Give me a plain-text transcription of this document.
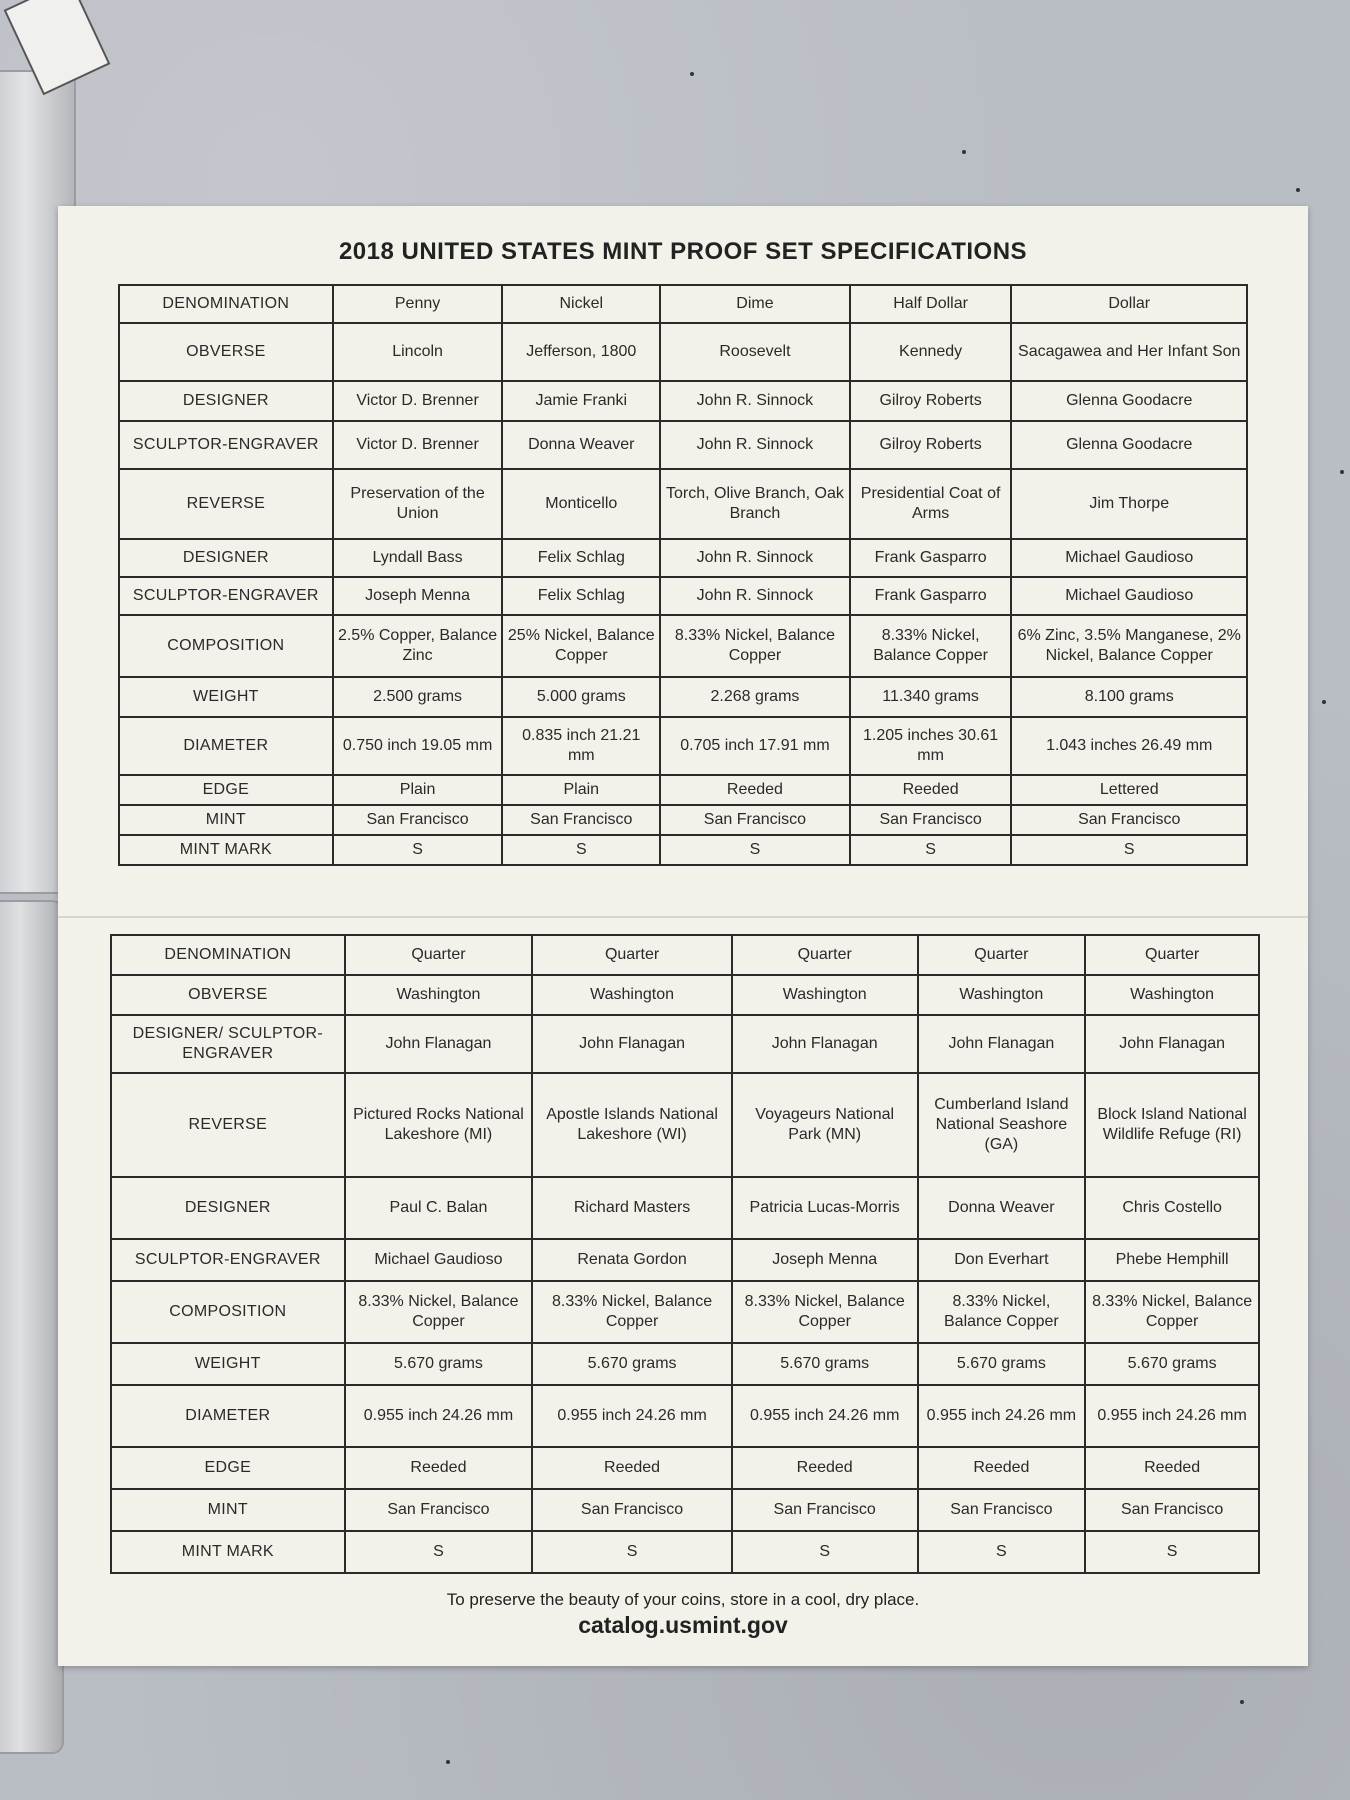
2018 UNITED STATES MINT PROOF SET SPECIFICATIONS
DENOMINATION	Penny	Nickel	Dime	Half Dollar	Dollar
OBVERSE	Lincoln	Jefferson, 1800	Roosevelt	Kennedy	Sacagawea and Her Infant Son
DESIGNER	Victor D. Brenner	Jamie Franki	John R. Sinnock	Gilroy Roberts	Glenna Goodacre
SCULPTOR-ENGRAVER	Victor D. Brenner	Donna Weaver	John R. Sinnock	Gilroy Roberts	Glenna Goodacre
REVERSE	Preservation of the Union	Monticello	Torch, Olive Branch, Oak Branch	Presidential Coat of Arms	Jim Thorpe
DESIGNER	Lyndall Bass	Felix Schlag	John R. Sinnock	Frank Gasparro	Michael Gaudioso
SCULPTOR-ENGRAVER	Joseph Menna	Felix Schlag	John R. Sinnock	Frank Gasparro	Michael Gaudioso
COMPOSITION	2.5% Copper, Balance Zinc	25% Nickel, Balance Copper	8.33% Nickel, Balance Copper	8.33% Nickel, Balance Copper	6% Zinc, 3.5% Manganese, 2% Nickel, Balance Copper
WEIGHT	2.500 grams	5.000 grams	2.268 grams	11.340 grams	8.100 grams
DIAMETER	0.750 inch 19.05 mm	0.835 inch 21.21 mm	0.705 inch 17.91 mm	1.205 inches 30.61 mm	1.043 inches 26.49 mm
EDGE	Plain	Plain	Reeded	Reeded	Lettered
MINT	San Francisco	San Francisco	San Francisco	San Francisco	San Francisco
MINT MARK	S	S	S	S	S
DENOMINATION	Quarter	Quarter	Quarter	Quarter	Quarter
OBVERSE	Washington	Washington	Washington	Washington	Washington
DESIGNER/ SCULPTOR-ENGRAVER	John Flanagan	John Flanagan	John Flanagan	John Flanagan	John Flanagan
REVERSE	Pictured Rocks National Lakeshore (MI)	Apostle Islands National Lakeshore (WI)	Voyageurs National Park (MN)	Cumberland Island National Seashore (GA)	Block Island National Wildlife Refuge (RI)
DESIGNER	Paul C. Balan	Richard Masters	Patricia Lucas-Morris	Donna Weaver	Chris Costello
SCULPTOR-ENGRAVER	Michael Gaudioso	Renata Gordon	Joseph Menna	Don Everhart	Phebe Hemphill
COMPOSITION	8.33% Nickel, Balance Copper	8.33% Nickel, Balance Copper	8.33% Nickel, Balance Copper	8.33% Nickel, Balance Copper	8.33% Nickel, Balance Copper
WEIGHT	5.670 grams	5.670 grams	5.670 grams	5.670 grams	5.670 grams
DIAMETER	0.955 inch 24.26 mm	0.955 inch 24.26 mm	0.955 inch 24.26 mm	0.955 inch 24.26 mm	0.955 inch 24.26 mm
EDGE	Reeded	Reeded	Reeded	Reeded	Reeded
MINT	San Francisco	San Francisco	San Francisco	San Francisco	San Francisco
MINT MARK	S	S	S	S	S
To preserve the beauty of your coins, store in a cool, dry place.
catalog.usmint.gov
